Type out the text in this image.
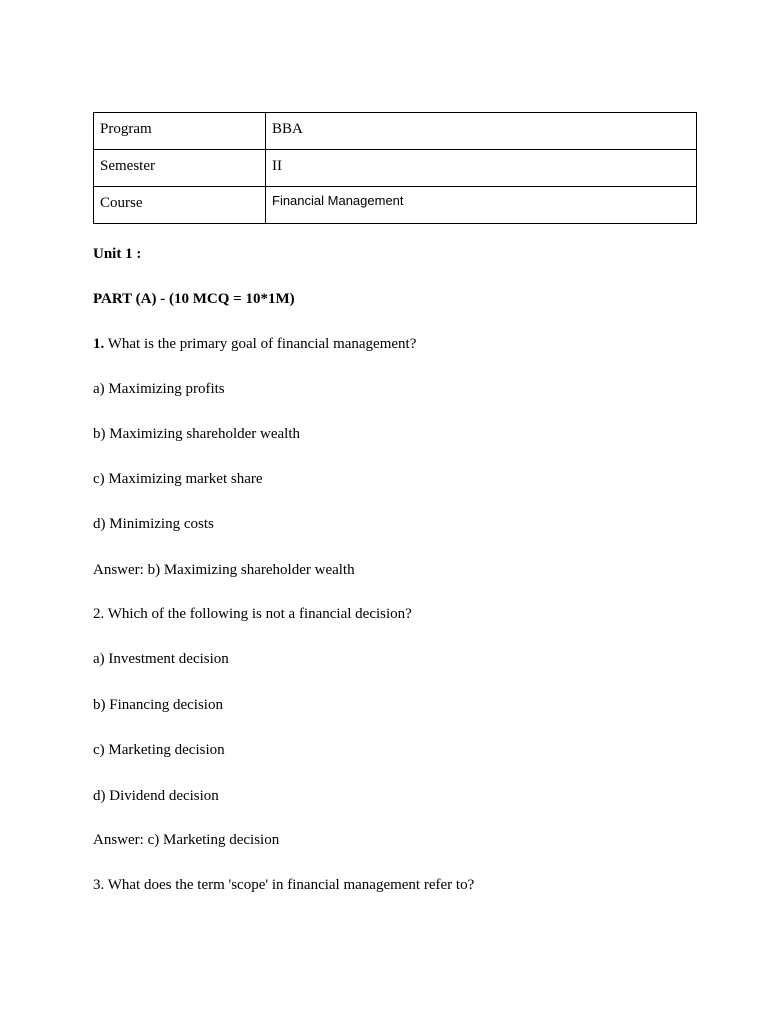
Program	BBA
Semester	II
Course	Financial Management
Unit 1 :
PART (A) - (10 MCQ = 10*1M)
1. What is the primary goal of financial management?
a) Maximizing profits
b) Maximizing shareholder wealth
c) Maximizing market share
d) Minimizing costs
Answer: b) Maximizing shareholder wealth
2. Which of the following is not a financial decision?
a) Investment decision
b) Financing decision
c) Marketing decision
d) Dividend decision
Answer: c) Marketing decision
3. What does the term 'scope' in financial management refer to?
